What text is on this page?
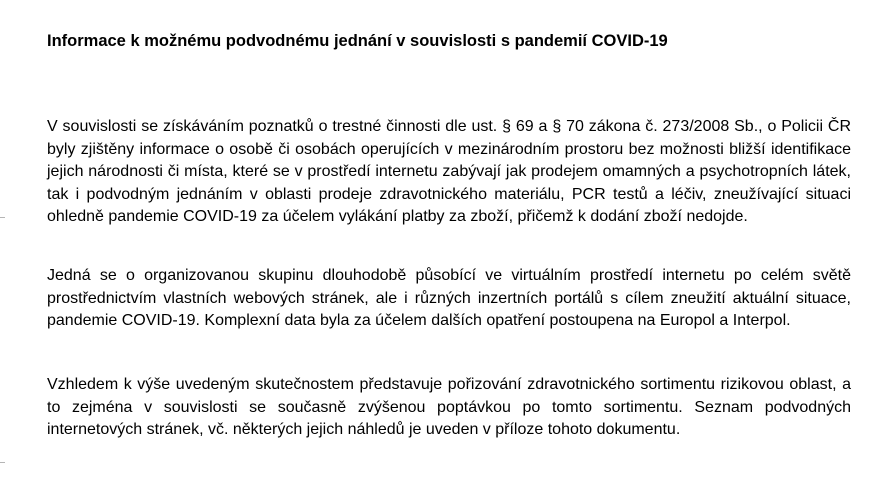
Informace k možnému podvodnému jednání v souvislosti s pandemií COVID-19

V souvislosti se získáváním poznatků o trestné činnosti dle ust. § 69 a § 70 zákona č. 273/2008 Sb., o Policii ČR byly zjištěny informace o osobě či osobách operujících v mezinárodním prostoru bez možnosti bližší identifikace jejich národnosti či místa, které se v prostředí internetu zabývají jak prodejem omamných a psychotropních látek, tak i podvodným jednáním v oblasti prodeje zdravotnického materiálu, PCR testů a léčiv, zneužívající situaci ohledně pandemie COVID-19 za účelem vylákání platby za zboží, přičemž k dodání zboží nedojde.

Jedná se o organizovanou skupinu dlouhodobě působící ve virtuálním prostředí internetu po celém světě prostřednictvím vlastních webových stránek, ale i různých inzertních portálů s cílem zneužití aktuální situace, pandemie COVID-19. Komplexní data byla za účelem dalších opatření postoupena na Europol a Interpol.

Vzhledem k výše uvedeným skutečnostem představuje pořizování zdravotnického sortimentu rizikovou oblast, a to zejména v souvislosti se současně zvýšenou poptávkou po tomto sortimentu. Seznam podvodných internetových stránek, vč. některých jejich náhledů je uveden v příloze tohoto dokumentu.
